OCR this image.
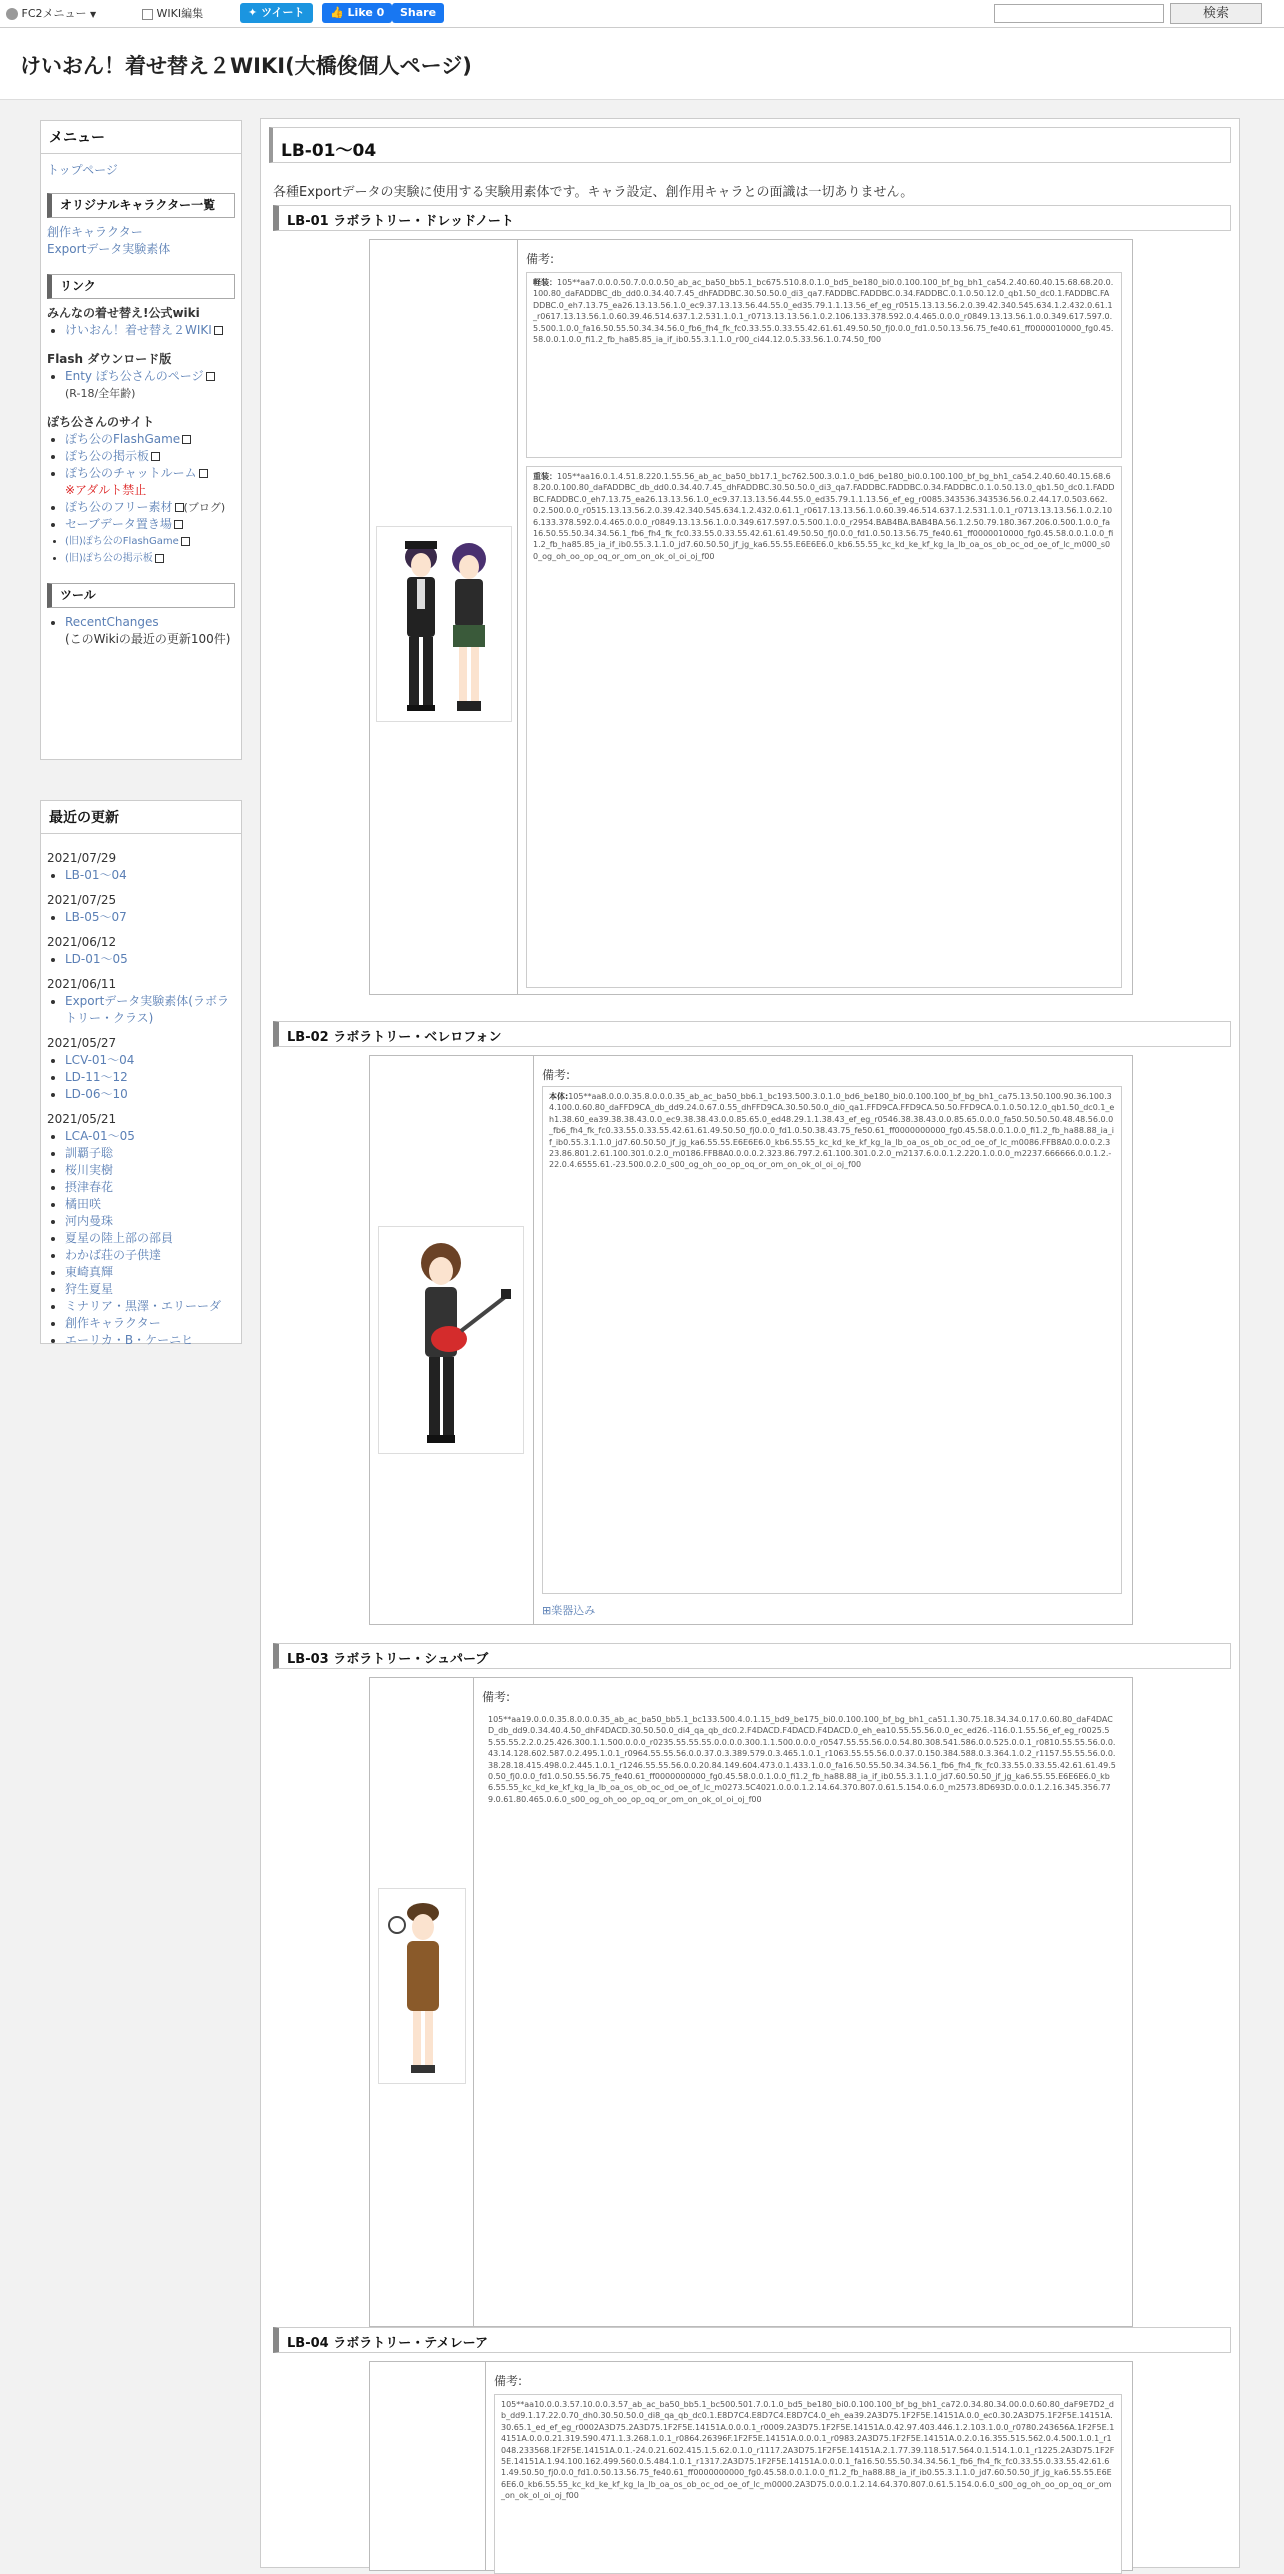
FC2メニュー ▼	WIKI編集	✦ ツイート	👍 Like 0	Share	検索
けいおん！着せ替え２WIKI(大橋俊個人ページ)
メニュー
トップページ
オリジナルキャラクター一覧
創作キャラクター
Exportデータ実験素体
リンク
みんなの着せ替え!公式wiki
• けいおん！着せ替え２WIKI
Flash ダウンロード版
• Enty ぽち公さんのページ
(R-18/全年齢)
ぽち公さんのサイト
• ぽち公のFlashGame
• ぽち公の掲示板
• ぽち公のチャットルーム
※アダルト禁止
• ぽち公のフリー素材 (ブログ)
• セーブデータ置き場
• (旧)ぽち公のFlashGame
• (旧)ぽち公の掲示板
ツール
• RecentChanges
(このWikiの最近の更新100件)
最近の更新
2021/07/29
• LB-01～04
2021/07/25
• LB-05～07
2021/06/12
• LD-01～05
2021/06/11
• Exportデータ実験素体(ラボラトリー・クラス)
2021/05/27
• LCV-01～04
• LD-11～12
• LD-06～10
2021/05/21
• LCA-01～05
• 訓覇子聡
• 桜川実樹
• 摂津春花
• 橘田咲
• 河内曼珠
• 夏星の陸上部の部員
• わかば荘の子供達
• 東崎真輝
• 狩生夏星
• ミナリア・黒澤・エリーーダ
• 創作キャラクター
• エーリカ・B・ケーニヒ
LB-01～04
各種Exportデータの実験に使用する実験用素体です。キャラ設定、創作用キャラとの面識は一切ありません。
LB-01 ラボラトリー・ドレッドノート
備考:
軽装：105**aa7.0.0.0.50.7.0.0.0.50_ab_ac_ba50_bb5.1_bc675.510.8.0.1.0_bd5_be180_bi0.0.100.100_bf_bg_bh1_ca54.2.40.60.40.15.68.68.20.0.100.80_daFADDBC_db_dd0.0.34.40.7.45_dhFADDBC.30.50.50.0_di3_qa7.FADDBC.FADDBC.0.34.FADDBC.0.1.0.50.12.0_qb1.50_dc0.1.FADDBC.FADDBC.0_eh7.13.75_ea26.13.13.56.1.0_ec9.37.13.13.56.44.55.0_ed35.79.1.1.13.56_ef_eg_r0515.13.13.56.2.0.39.42.340.545.634.1.2.432.0.61.1_r0617.13.13.56.1.0.60.39.46.514.637.1.2.531.1.0.1_r0713.13.13.56.1.0.2.106.133.378.592.0.4.465.0.0.0_r0849.13.13.56.1.0.0.349.617.597.0.5.500.1.0.0_fa16.50.55.50.34.34.56.0_fb6_fh4_fk_fc0.33.55.0.33.55.42.61.61.49.50.50_fj0.0.0_fd1.0.50.13.56.75_fe40.61_ff0000010000_fg0.45.58.0.0.1.0.0_fi1.2_fb_ha85.85_ia_if_ib0.55.3.1.1.0_r00_ci44.12.0.5.33.56.1.0.74.50_f00
重装：105**aa16.0.1.4.51.8.220.1.55.56_ab_ac_ba50_bb17.1_bc762.500.3.0.1.0_bd6_be180_bi0.0.100.100_bf_bg_bh1_ca54.2.40.60.40.15.68.68.20.0.100.80_daFADDBC_db_dd0.0.34.40.7.45_dhFADDBC.30.50.50.0_di3_qa7.FADDBC.FADDBC.0.34.FADDBC.0.1.0.50.13.0_qb1.50_dc0.1.FADDBC.FADDBC.0_eh7.13.75_ea26.13.13.56.1.0_ec9.37.13.13.56.44.55.0_ed35.79.1.1.13.56_ef_eg_r0085.343536.343536.56.0.2.44.17.0.503.662.0.2.500.0.0_r0515.13.13.56.2.0.39.42.340.545.634.1.2.432.0.61.1_r0617.13.13.56.1.0.60.39.46.514.637.1.2.531.1.0.1_r0713.13.13.56.1.0.2.106.133.378.592.0.4.465.0.0.0_r0849.13.13.56.1.0.0.349.617.597.0.5.500.1.0.0_r2954.BAB4BA.BAB4BA.56.1.2.50.79.180.367.206.0.500.1.0.0_fa16.50.55.50.34.34.56.1_fb6_fh4_fk_fc0.33.55.0.33.55.42.61.61.49.50.50_fj0.0.0_fd1.0.50.13.56.75_fe40.61_ff0000010000_fg0.45.58.0.0.1.0.0_fi1.2_fb_ha85.85_ia_if_ib0.55.3.1.1.0_jd7.60.50.50_jf_jg_ka6.55.55.E6E6E6.0_kb6.55.55_kc_kd_ke_kf_kg_la_lb_oa_os_ob_oc_od_oe_of_lc_m000_s00_og_oh_oo_op_oq_or_om_on_ok_ol_oi_oj_f00
LB-02 ラボラトリー・ベレロフォン
備考:
本体:105**aa8.0.0.0.35.8.0.0.0.35_ab_ac_ba50_bb6.1_bc193.500.3.0.1.0_bd6_be180_bi0.0.100.100_bf_bg_bh1_ca75.13.50.100.90.36.100.34.100.0.60.80_daFFD9CA_db_dd9.24.0.67.0.55_dhFFD9CA.30.50.50.0_di0_qa1.FFD9CA.FFD9CA.50.50.FFD9CA.0.1.0.50.12.0_qb1.50_dc0.1_eh1.38.60_ea39.38.38.43.0.0_ec9.38.38.43.0.0.85.65.0_ed48.29.1.1.38.43_ef_eg_r0546.38.38.43.0.0.85.65.0.0.0_fa50.50.50.50.48.48.56.0.0_fb6_fh4_fk_fc0.33.55.0.33.55.42.61.61.49.50.50_fj0.0.0_fd1.0.50.38.43.75_fe50.61_ff0000000000_fg0.45.58.0.0.1.0.0_fi1.2_fb_ha88.88_ia_if_ib0.55.3.1.1.0_jd7.60.50.50_jf_jg_ka6.55.55.E6E6E6.0_kb6.55.55_kc_kd_ke_kf_kg_la_lb_oa_os_ob_oc_od_oe_of_lc_m0086.FFB8A0.0.0.0.2.323.86.801.2.61.100.301.0.2.0_m0186.FFB8A0.0.0.0.2.323.86.797.2.61.100.301.0.2.0_m2137.6.0.0.1.2.220.1.0.0.0_m2237.666666.0.0.1.2.-22.0.4.6555.61.-23.500.0.2.0_s00_og_oh_oo_op_oq_or_om_on_ok_ol_oi_oj_f00
⊞楽器込み
LB-03 ラボラトリー・シュパーブ
備考:
105**aa19.0.0.0.35.8.0.0.0.35_ab_ac_ba50_bb5.1_bc133.500.4.0.1.15_bd9_be175_bi0.0.100.100_bf_bg_bh1_ca51.1.30.75.18.34.34.0.17.0.60.80_daF4DACD_db_dd9.0.34.40.4.50_dhF4DACD.30.50.50.0_di4_qa_qb_dc0.2.F4DACD.F4DACD.F4DACD.0_eh_ea10.55.55.56.0.0_ec_ed26.-116.0.1.55.56_ef_eg_r0025.55.55.55.2.2.0.25.426.300.1.1.500.0.0.0_r0235.55.55.55.0.0.0.0.300.1.1.500.0.0.0_r0547.55.55.56.0.0.54.80.308.541.586.0.0.525.0.0.1_r0810.55.55.56.0.0.43.14.128.602.587.0.2.495.1.0.1_r0964.55.55.56.0.0.37.0.3.389.579.0.3.465.1.0.1_r1063.55.55.56.0.0.37.0.150.384.588.0.3.364.1.0.2_r1157.55.55.56.0.0.38.28.18.415.498.0.2.445.1.0.1_r1246.55.55.56.0.0.20.84.149.604.473.0.1.433.1.0.0_fa16.50.55.50.34.34.56.1_fb6_fh4_fk_fc0.33.55.0.33.55.42.61.61.49.50.50_fj0.0.0_fd1.0.50.55.56.75_fe40.61_ff0000000000_fg0.45.58.0.0.1.0.0_fi1.2_fb_ha88.88_ia_if_ib0.55.3.1.1.0_jd7.60.50.50_jf_jg_ka6.55.55.E6E6E6.0_kb6.55.55_kc_kd_ke_kf_kg_la_lb_oa_os_ob_oc_od_oe_of_lc_m0273.5C4021.0.0.0.1.2.14.64.370.807.0.61.5.154.0.6.0_m2573.8D693D.0.0.0.1.2.16.345.356.779.0.61.80.465.0.6.0_s00_og_oh_oo_op_oq_or_om_on_ok_ol_oi_oj_f00
LB-04 ラボラトリー・テメレーア
備考:
105**aa10.0.0.3.57.10.0.0.3.57_ab_ac_ba50_bb5.1_bc500.501.7.0.1.0_bd5_be180_bi0.0.100.100_bf_bg_bh1_ca72.0.34.80.34.00.0.0.60.80_daF9E7D2_db_dd9.1.17.22.0.70_dh0.30.50.50.0_di8_qa_qb_dc0.1.E8D7C4.E8D7C4.E8D7C4.0_eh_ea39.2A3D75.1F2F5E.14151A.0.0_ec0.30.2A3D75.1F2F5E.14151A.30.65.1_ed_ef_eg_r0002A3D75.2A3D75.1F2F5E.14151A.0.0.0.1_r0009.2A3D75.1F2F5E.14151A.0.42.97.403.446.1.2.103.1.0.0_r0780.243656A.1F2F5E.14151A.0.0.0.21.319.590.471.1.3.268.1.0.1_r0864.26396F.1F2F5E.14151A.0.0.0.1_r0983.2A3D75.1F2F5E.14151A.0.2.0.16.355.515.562.0.4.500.1.0.1_r1048.233568.1F2F5E.14151A.0.1.-24.0.21.602.415.1.5.62.0.1.0_r1117.2A3D75.1F2F5E.14151A.2.1.77.39.118.517.564.0.1.514.1.0.1_r1225.2A3D75.1F2F5E.14151A.1.94.100.162.499.560.0.5.484.1.0.1_r1317.2A3D75.1F2F5E.14151A.0.0.0.1_fa16.50.55.50.34.34.56.1_fb6_fh4_fk_fc0.33.55.0.33.55.42.61.61.49.50.50_fj0.0.0_fd1.0.50.13.56.75_fe40.61_ff0000000000_fg0.45.58.0.0.1.0.0_fi1.2_fb_ha88.88_ia_if_ib0.55.3.1.1.0_jd7.60.50.50_jf_jg_ka6.55.55.E6E6E6.0_kb6.55.55_kc_kd_ke_kf_kg_la_lb_oa_os_ob_oc_od_oe_of_lc_m0000.2A3D75.0.0.0.1.2.14.64.370.807.0.61.5.154.0.6.0_s00_og_oh_oo_op_oq_or_om_on_ok_ol_oi_oj_f00
